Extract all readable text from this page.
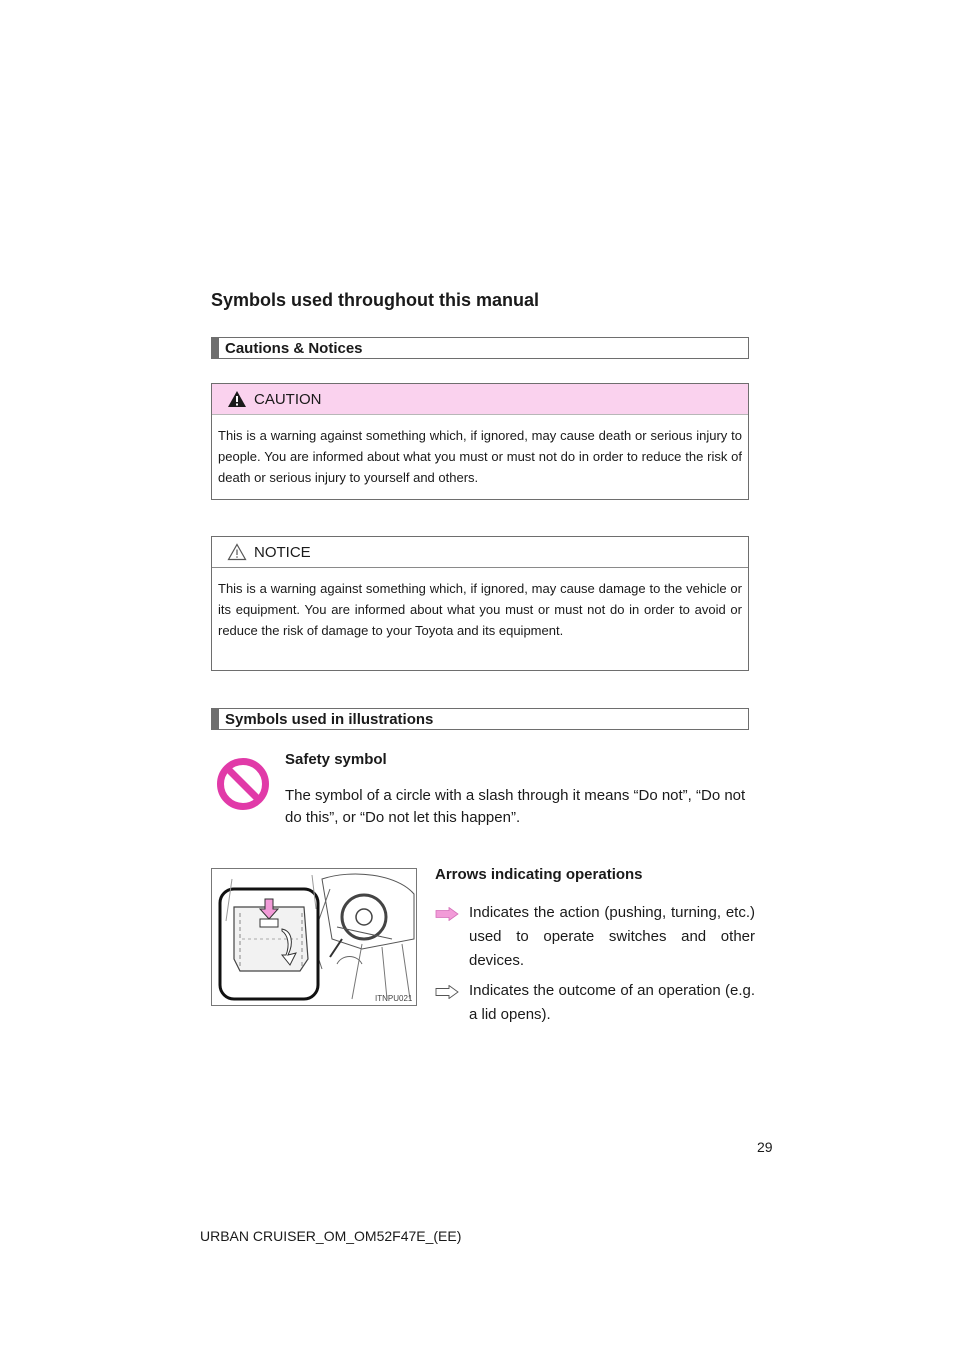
Symbols used throughout this manual
Cautions & Notices
CAUTION
This is a warning against something which, if ignored, may cause death or serious injury to people. You are informed about what you must or must not do in order to reduce the risk of death or serious injury to yourself and others.
NOTICE
This is a warning against something which, if ignored, may cause damage to the vehicle or its equipment. You are informed about what you must or must not do in order to avoid or reduce the risk of damage to your Toyota and its equipment.
Symbols used in illustrations
Safety symbol
The symbol of a circle with a slash through it means “Do not”, “Do not do this”, or “Do not let this happen”.
ITNPU021
Arrows indicating operations
Indicates the action (pushing, turning, etc.) used to operate switches and other devices.
Indicates the outcome of an operation (e.g. a lid opens).
29
URBAN CRUISER_OM_OM52F47E_(EE)
